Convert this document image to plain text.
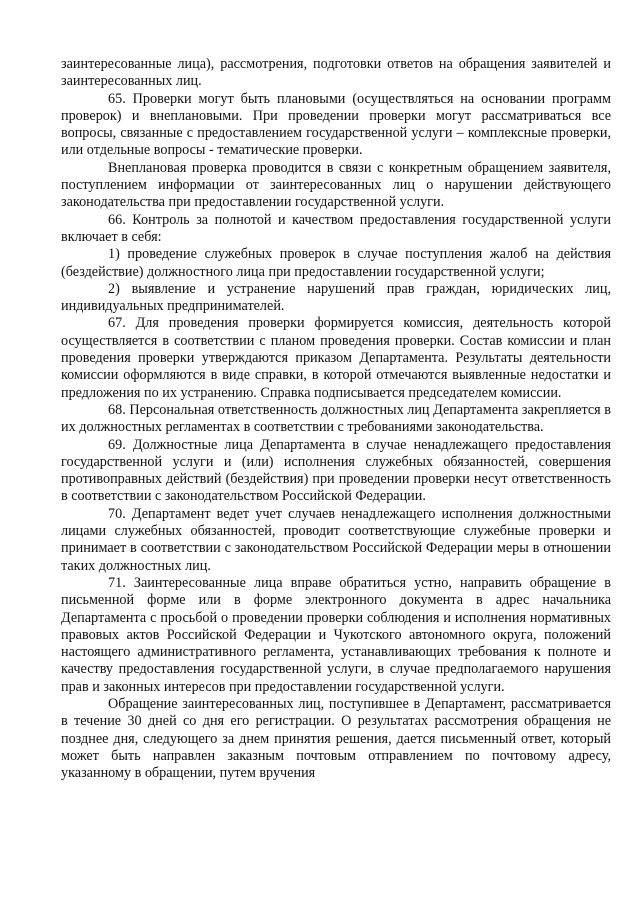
заинтересованные лица), рассмотрения, подготовки ответов на обращения заявителей и заинтересованных лиц.

65. Проверки могут быть плановыми (осуществляться на основании программ проверок) и внеплановыми. При проведении проверки могут рассматриваться все вопросы, связанные с предоставлением государственной услуги – комплексные проверки, или отдельные вопросы - тематические проверки.

Внеплановая проверка проводится в связи с конкретным обращением заявителя, поступлением информации от заинтересованных лиц о нарушении действующего законодательства при предоставлении государственной услуги.

66. Контроль за полнотой и качеством предоставления государственной услуги включает в себя:

1) проведение служебных проверок в случае поступления жалоб на действия (бездействие) должностного лица при предоставлении государственной услуги;

2) выявление и устранение нарушений прав граждан, юридических лиц, индивидуальных предпринимателей.

67. Для проведения проверки формируется комиссия, деятельность которой осуществляется в соответствии с планом проведения проверки. Состав комиссии и план проведения проверки утверждаются приказом Департамента. Результаты деятельности комиссии оформляются в виде справки, в которой отмечаются выявленные недостатки и предложения по их устранению. Справка подписывается председателем комиссии.

68. Персональная ответственность должностных лиц Департамента закрепляется в их должностных регламентах в соответствии с требованиями законодательства.

69. Должностные лица Департамента в случае ненадлежащего предоставления государственной услуги и (или) исполнения служебных обязанностей, совершения противоправных действий (бездействия) при проведении проверки несут ответственность в соответствии с законодательством Российской Федерации.

70. Департамент ведет учет случаев ненадлежащего исполнения должностными лицами служебных обязанностей, проводит соответствующие служебные проверки и принимает в соответствии с законодательством Российской Федерации меры в отношении таких должностных лиц.

71. Заинтересованные лица вправе обратиться устно, направить обращение в письменной форме или в форме электронного документа в адрес начальника Департамента с просьбой о проведении проверки соблюдения и исполнения нормативных правовых актов Российской Федерации и Чукотского автономного округа, положений настоящего административного регламента, устанавливающих требования к полноте и качеству предоставления государственной услуги, в случае предполагаемого нарушения прав и законных интересов при предоставлении государственной услуги.

Обращение заинтересованных лиц, поступившее в Департамент, рассматривается в течение 30 дней со дня его регистрации. О результатах рассмотрения обращения не позднее дня, следующего за днем принятия решения, дается письменный ответ, который может быть направлен заказным почтовым отправлением по почтовому адресу, указанному в обращении, путем вручения
